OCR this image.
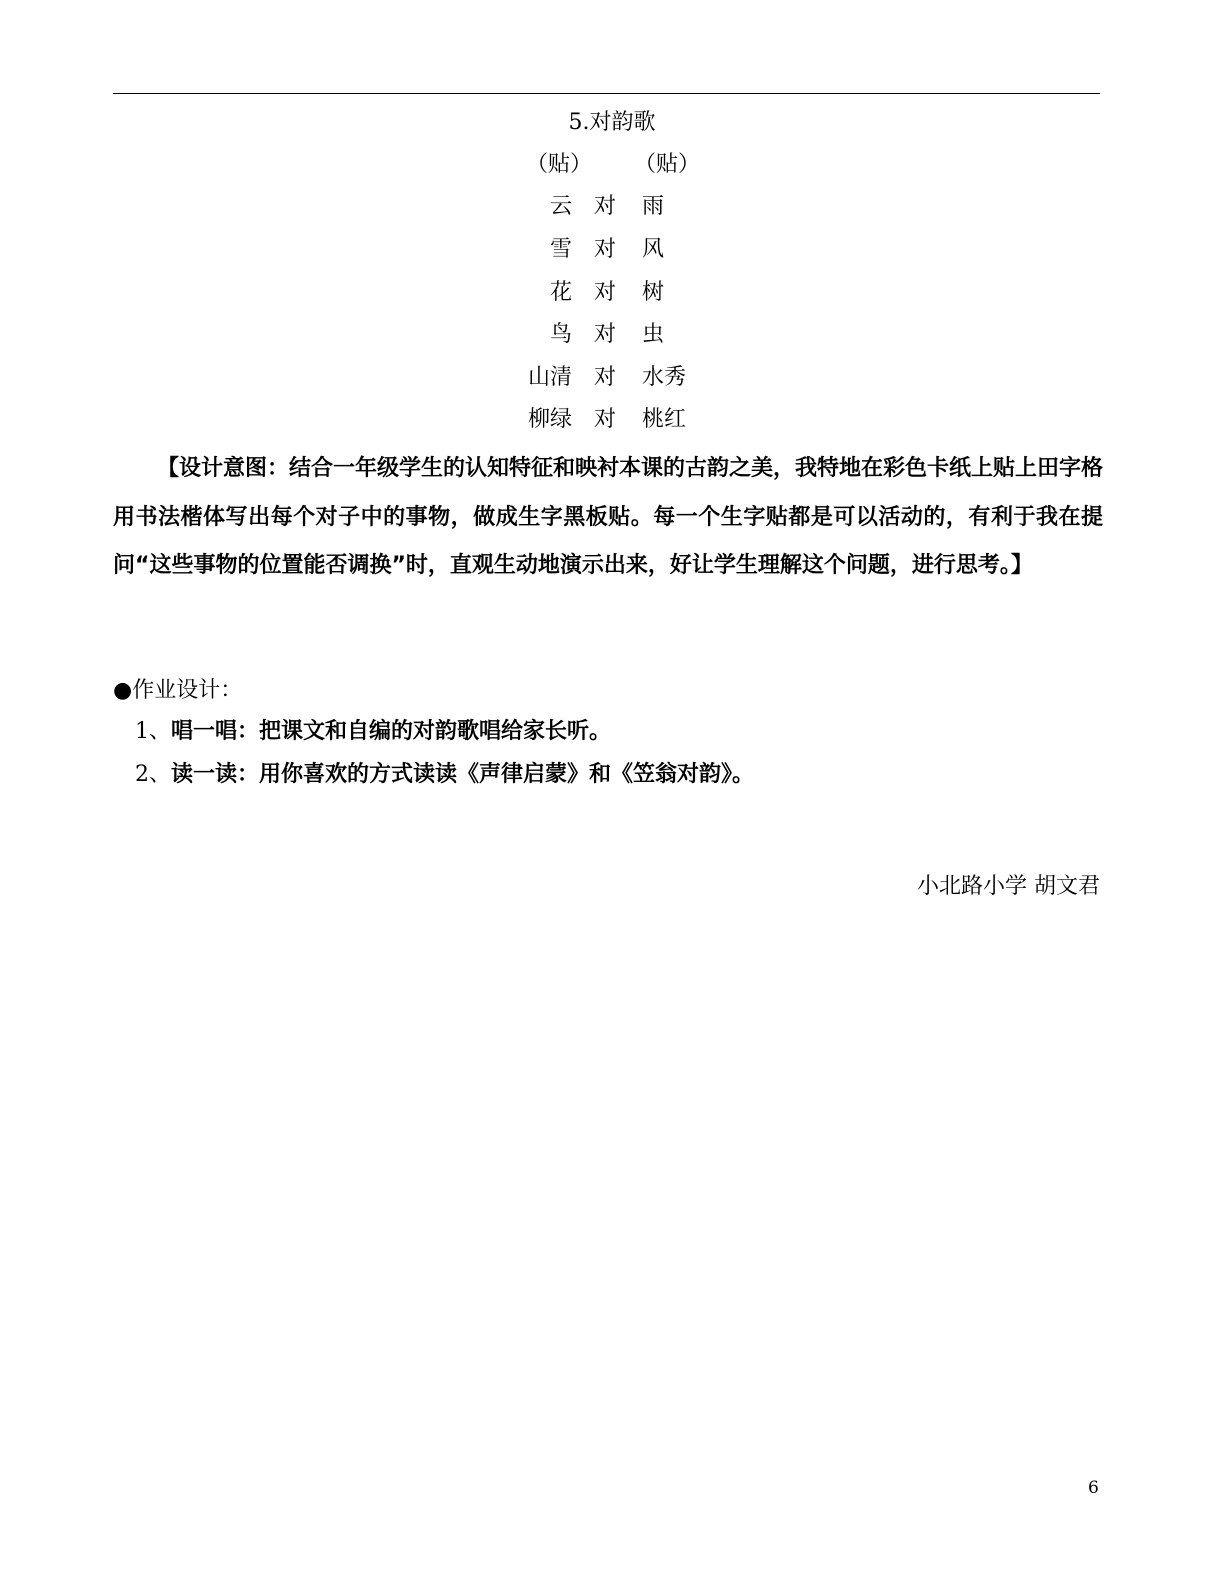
5.对韵歌
（贴） （贴）
云 对 雨
雪 对 风
花 对 树
鸟 对 虫
山清 对 水秀
柳绿 对 桃红
【设计意图：结合一年级学生的认知特征和映衬本课的古韵之美，我特地在彩色卡纸上贴上田字格用书法楷体写出每个对子中的事物，做成生字黑板贴。每一个生字贴都是可以活动的，有利于我在提问“这些事物的位置能否调换”时，直观生动地演示出来，好让学生理解这个问题，进行思考。】
●作业设计：
1、唱一唱：把课文和自编的对韵歌唱给家长听。
2、读一读：用你喜欢的方式读读《声律启蒙》和《笠翁对韵》。
小北路小学 胡文君
6
